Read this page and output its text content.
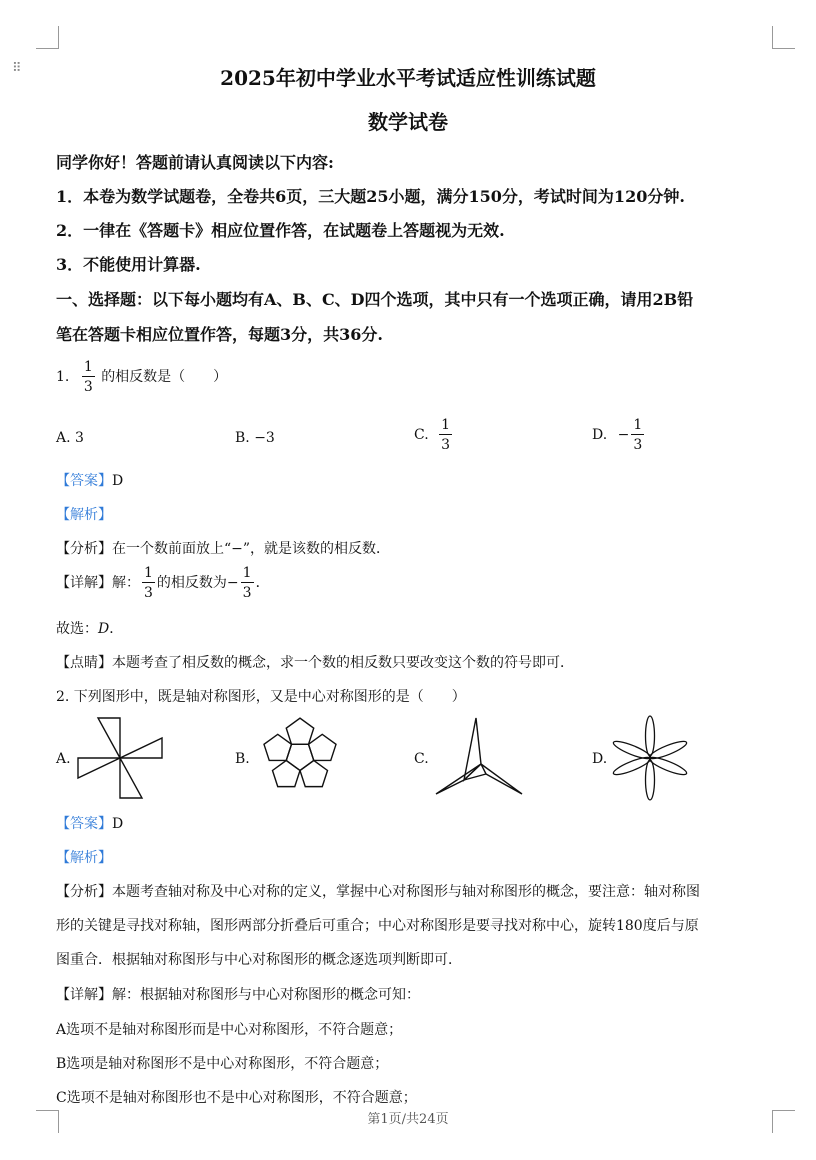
⠿	2025年初中学业水平考试适应性训练试题
数学试卷
同学你好！答题前请认真阅读以下内容:
1．本卷为数学试题卷，全卷共6页，三大题25小题，满分150分，考试时间为120分钟.
2．一律在《答题卡》相应位置作答，在试题卷上答题视为无效.
3．不能使用计算器.
一、选择题：以下每小题均有A、B、C、D四个选项，其中只有一个选项正确，请用2B铅
笔在答题卡相应位置作答，每题3分，共36分.
1. $\frac{1}{3}$ 的相反数是（　　）
A. 3	B. −3	C. $\frac{1}{3}$	D. − $\frac{1}{3}$
【答案】D
【解析】
【分析】在一个数前面放上“−”，就是该数的相反数．
【详解】解： $\frac{1}{3}$ 的相反数为− $\frac{1}{3}$ ．
故选：D．
【点睛】本题考查了相反数的概念，求一个数的相反数只要改变这个数的符号即可．
2. 下列图形中，既是轴对称图形，又是中心对称图形的是（　　）
A.	B.	C.	D.
【答案】D
【解析】
【分析】本题考查轴对称及中心对称的定义，掌握中心对称图形与轴对称图形的概念，要注意：轴对称图
形的关键是寻找对称轴，图形两部分折叠后可重合；中心对称图形是要寻找对称中心，旋转180度后与原
图重合．根据轴对称图形与中心对称图形的概念逐选项判断即可．
【详解】解：根据轴对称图形与中心对称图形的概念可知：
A选项不是轴对称图形而是中心对称图形，不符合题意；
B选项是轴对称图形不是中心对称图形，不符合题意；
C选项不是轴对称图形也不是中心对称图形，不符合题意；
第1页/共24页
